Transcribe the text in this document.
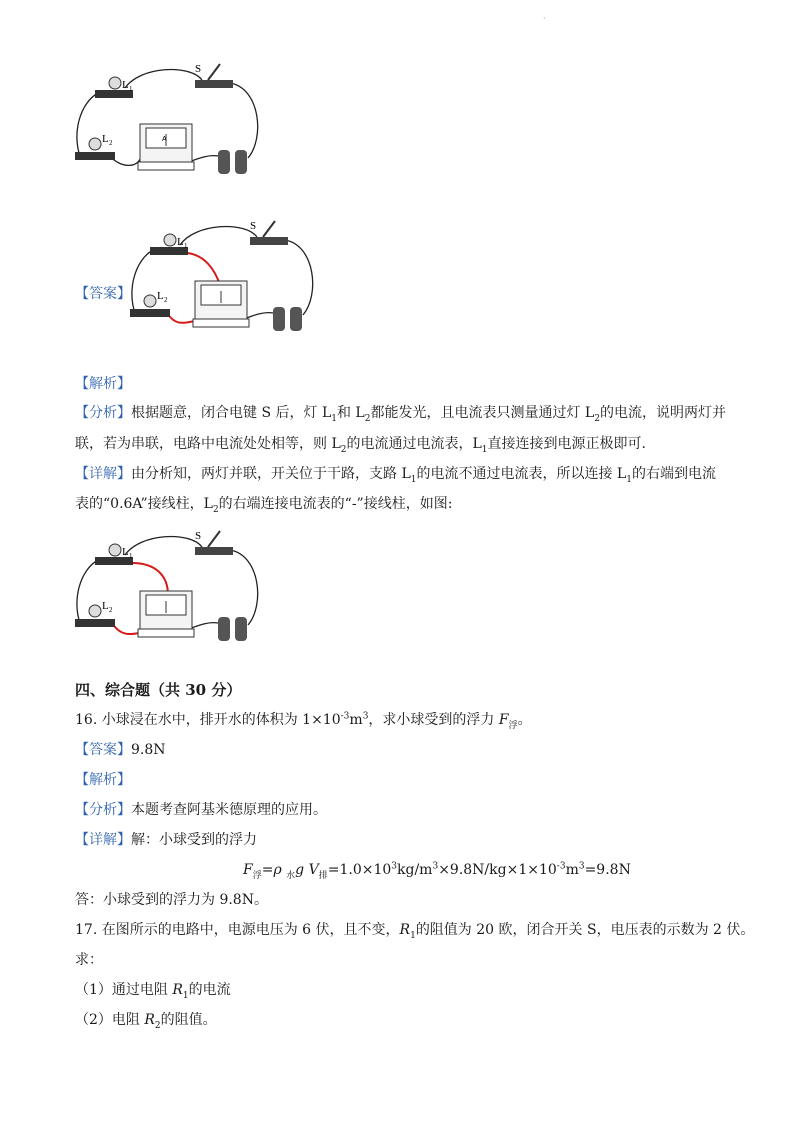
·
S
L 1
L 2	A
【答案】
S
L 1
L 2
【解析】
【分析】根据题意，闭合电键 S 后，灯 $L_1$和 $L_2$都能发光，且电流表只测量通过灯 $L_2$的电流，说明两灯并
联，若为串联，电路中电流处处相等，则 $L_2$的电流通过电流表，$L_1$直接连接到电源正极即可.
【详解】由分析知，两灯并联，开关位于干路，支路 $L_1$的电流不通过电流表，所以连接 $L_1$的右端到电流
表的“0.6A”接线柱，$L_2$的右端连接电流表的“-”接线柱，如图:
S
L 1
L 2
四、综合题（共 30 分）
16. 小球浸在水中，排开水的体积为 $1\times 10^{-3}m^3$，求小球受到的浮力 $F_浮$。
【答案】9.8N
【解析】
【分析】本题考查阿基米德原理的应用。
【详解】解：小球受到的浮力
$F_浮=\rho$ $_水$g $V_排=1.0\times 10^3kg/m^3\times 9.8N/kg\times 1\times 10^{-3}m^3=9.8N$
答：小球受到的浮力为 9.8N。
17. 在图所示的电路中，电源电压为 6 伏，且不变，$R_1$的阻值为 20 欧，闭合开关 S，电压表的示数为 2 伏。
求：
（1）通过电阻 $R_1$的电流
（2）电阻 $R_2$的阻值。
